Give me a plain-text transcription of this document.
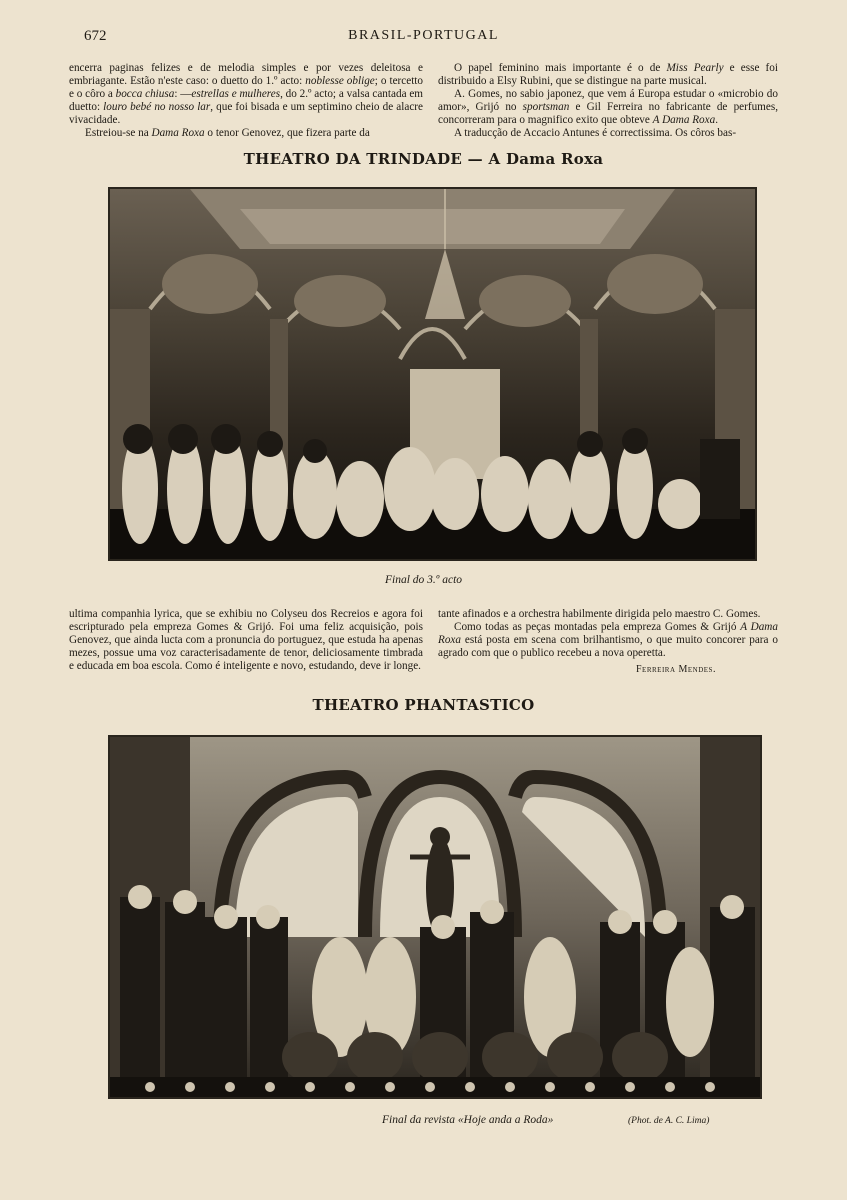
672	BRASIL-PORTUGAL

encerra paginas felizes e de melodia simples e por vezes deleitosa e embriagante. Estão n'este caso: o duetto do 1.º acto: noblesse oblige; o tercetto e o côro a bocca chiusa: —estrellas e mulheres, do 2.º acto; a valsa cantada em duetto: louro bebé no nosso lar, que foi bisada e um septimino cheio de alacre vivacidade.

Estreiou-se na Dama Roxa o tenor Genovez, que fizera parte da

O papel feminino mais importante é o de Miss Pearly e esse foi distribuido a Elsy Rubini, que se distingue na parte musical.

A. Gomes, no sabio japonez, que vem á Europa estudar o «microbio do amor», Grijó no sportsman e Gil Ferreira no fabricante de perfumes, concorreram para o magnifico exito que obteve A Dama Roxa.

A traducção de Accacio Antunes é correctissima. Os côros bas-

THEATRO DA TRINDADE — A Dama Roxa
Final do 3.º acto

ultima companhia lyrica, que se exhibiu no Colyseu dos Recreios e agora foi escripturado pela empreza Gomes & Grijó. Foi uma feliz acquisição, pois Genovez, que ainda lucta com a pronuncia do portuguez, que estuda ha apenas mezes, possue uma voz caracterisadamente de tenor, deliciosamente timbrada e educada em boa escola. Como é inteligente e novo, estudando, deve ir longe.

tante afinados e a orchestra habilmente dirigida pelo maestro C. Gomes.

Como todas as peças montadas pela empreza Gomes & Grijó A Dama Roxa está posta em scena com brilhantismo, o que muito concorer para o agrado com que o publico recebeu a nova operetta.

Ferreira Mendes.
THEATRO PHANTASTICO
Final da revista «Hoje anda a Roda»	(Phot. de A. C. Lima)
